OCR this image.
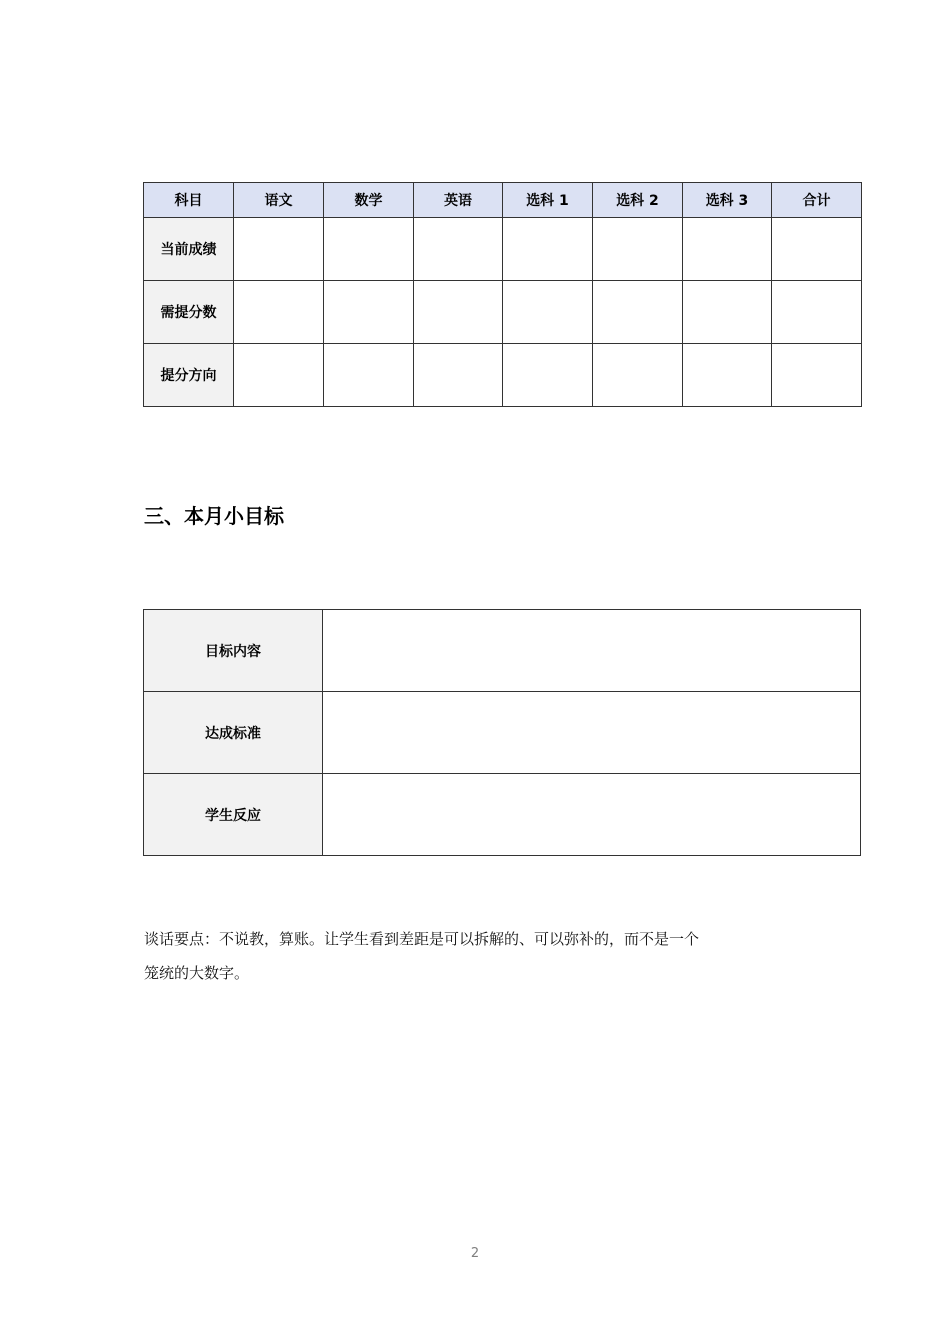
科目	语文	数学	英语	选科 1	选科 2	选科 3	合计
当前成绩							
需提分数							
提分方向							
三、本月小目标
目标内容	
达成标准	
学生反应	

谈话要点：不说教，算账。让学生看到差距是可以拆解的、可以弥补的，而不是一个
笼统的大数字。

2
